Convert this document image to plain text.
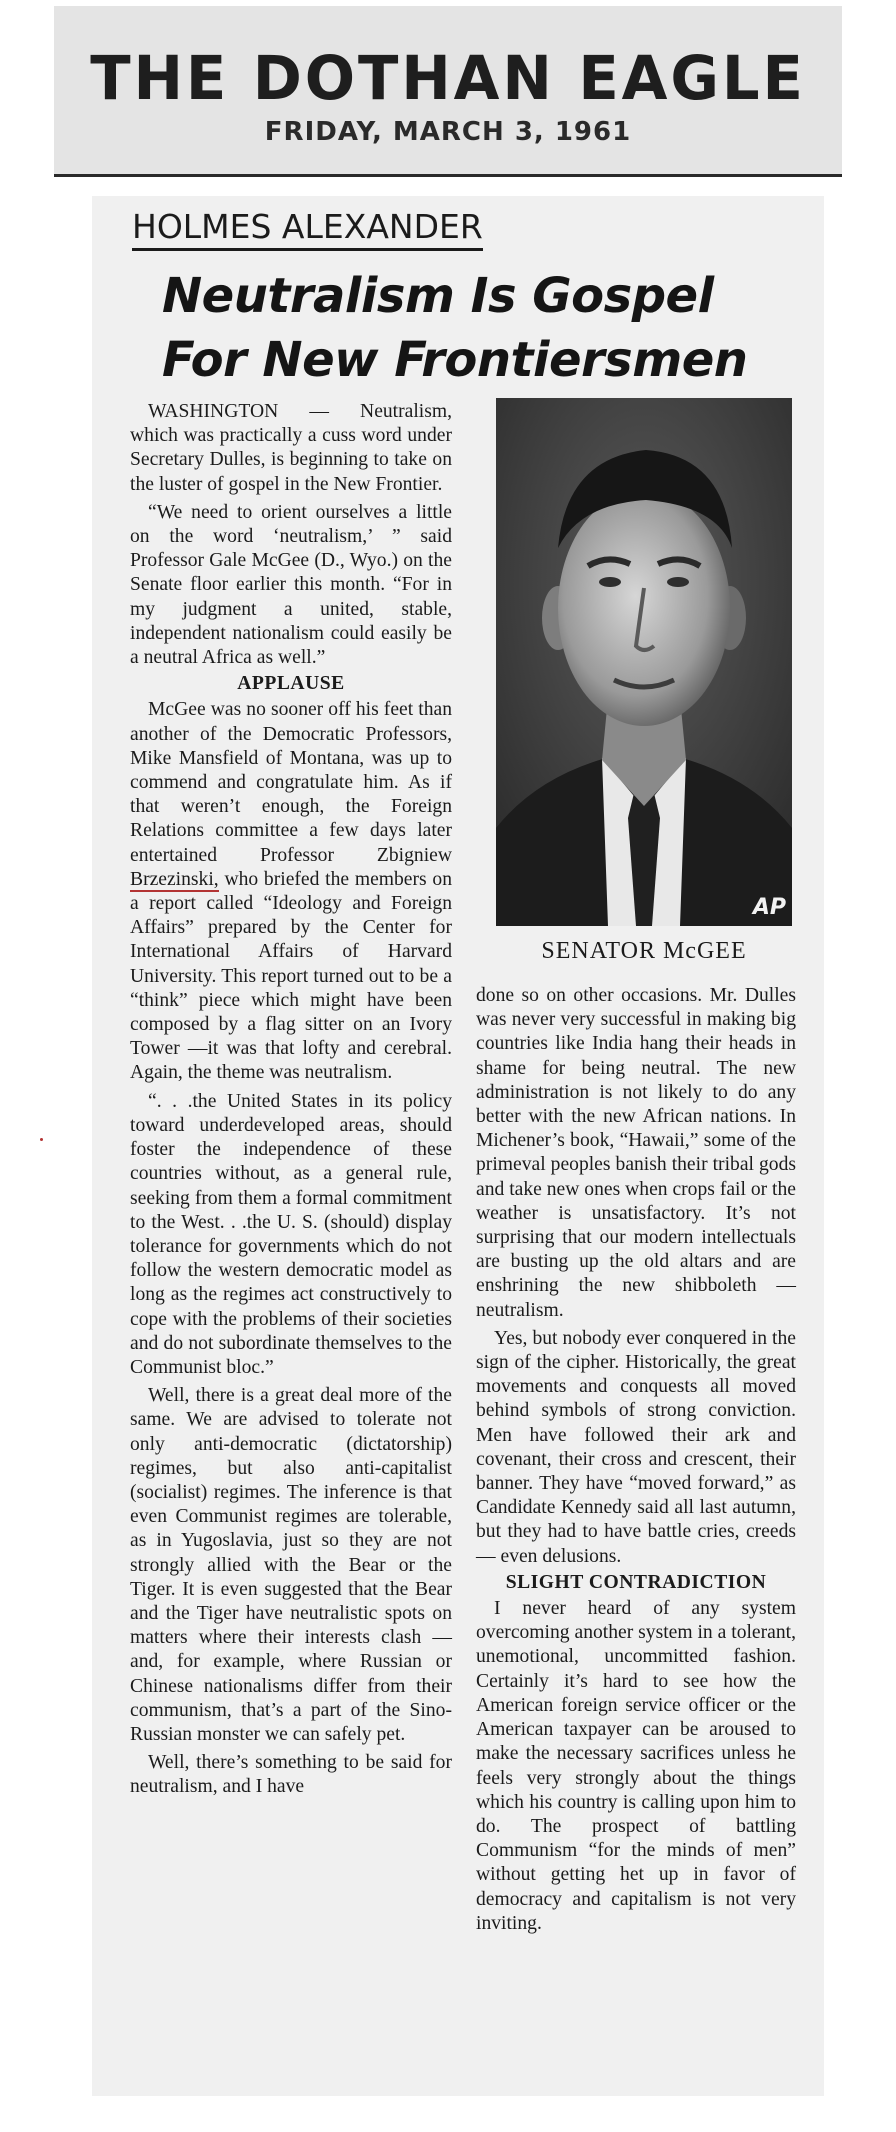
THE DOTHAN EAGLE
FRIDAY, MARCH 3, 1961
HOLMES ALEXANDER
Neutralism Is Gospel
For New Frontiersmen

WASHINGTON — Neutralism, which was practically a cuss word under Secretary Dulles, is beginning to take on the luster of gospel in the New Frontier.

“We need to orient ourselves a little on the word ‘neutralism,’ ” said Professor Gale McGee (D., Wyo.) on the Senate floor earlier this month. “For in my judgment a united, stable, independent nationalism could easily be a neutral Africa as well.”

APPLAUSE

McGee was no sooner off his feet than another of the Democratic Professors, Mike Mansfield of Montana, was up to commend and congratulate him. As if that weren’t enough, the Foreign Relations committee a few days later entertained Professor Zbigniew Brzezinski, who briefed the members on a report called “Ideology and Foreign Affairs” prepared by the Center for International Affairs of Harvard University. This report turned out to be a “think” piece which might have been composed by a flag sitter on an Ivory Tower —it was that lofty and cerebral. Again, the theme was neutralism.

“. . .the United States in its policy toward underdeveloped areas, should foster the independence of these countries without, as a general rule, seeking from them a formal commitment to the West. . .the U. S. (should) display tolerance for governments which do not follow the western democratic model as long as the regimes act constructively to cope with the problems of their societies and do not subordinate themselves to the Communist bloc.”

Well, there is a great deal more of the same. We are advised to tolerate not only anti-democratic (dictatorship) regimes, but also anti-capitalist (socialist) regimes. The inference is that even Communist regimes are tolerable, as in Yugoslavia, just so they are not strongly allied with the Bear or the Tiger. It is even suggested that the Bear and the Tiger have neutralistic spots on matters where their interests clash — and, for example, where Russian or Chinese nationalisms differ from their communism, that’s a part of the Sino-Russian monster we can safely pet.

Well, there’s something to be said for neutralism, and I have

AP
SENATOR McGEE

done so on other occasions. Mr. Dulles was never very successful in making big countries like India hang their heads in shame for being neutral. The new administration is not likely to do any better with the new African nations. In Michener’s book, “Hawaii,” some of the primeval peoples banish their tribal gods and take new ones when crops fail or the weather is unsatisfactory. It’s not surprising that our modern intellectuals are busting up the old altars and are enshrining the new shibboleth — neutralism.

Yes, but nobody ever conquered in the sign of the cipher. Historically, the great movements and conquests all moved behind symbols of strong conviction. Men have followed their ark and covenant, their cross and crescent, their banner. They have “moved forward,” as Candidate Kennedy said all last autumn, but they had to have battle cries, creeds — even delusions.

SLIGHT CONTRADICTION

I never heard of any system overcoming another system in a tolerant, unemotional, uncommitted fashion. Certainly it’s hard to see how the American foreign service officer or the American taxpayer can be aroused to make the necessary sacrifices unless he feels very strongly about the things which his country is calling upon him to do. The prospect of battling Communism “for the minds of men” without getting het up in favor of democracy and capitalism is not very inviting.
